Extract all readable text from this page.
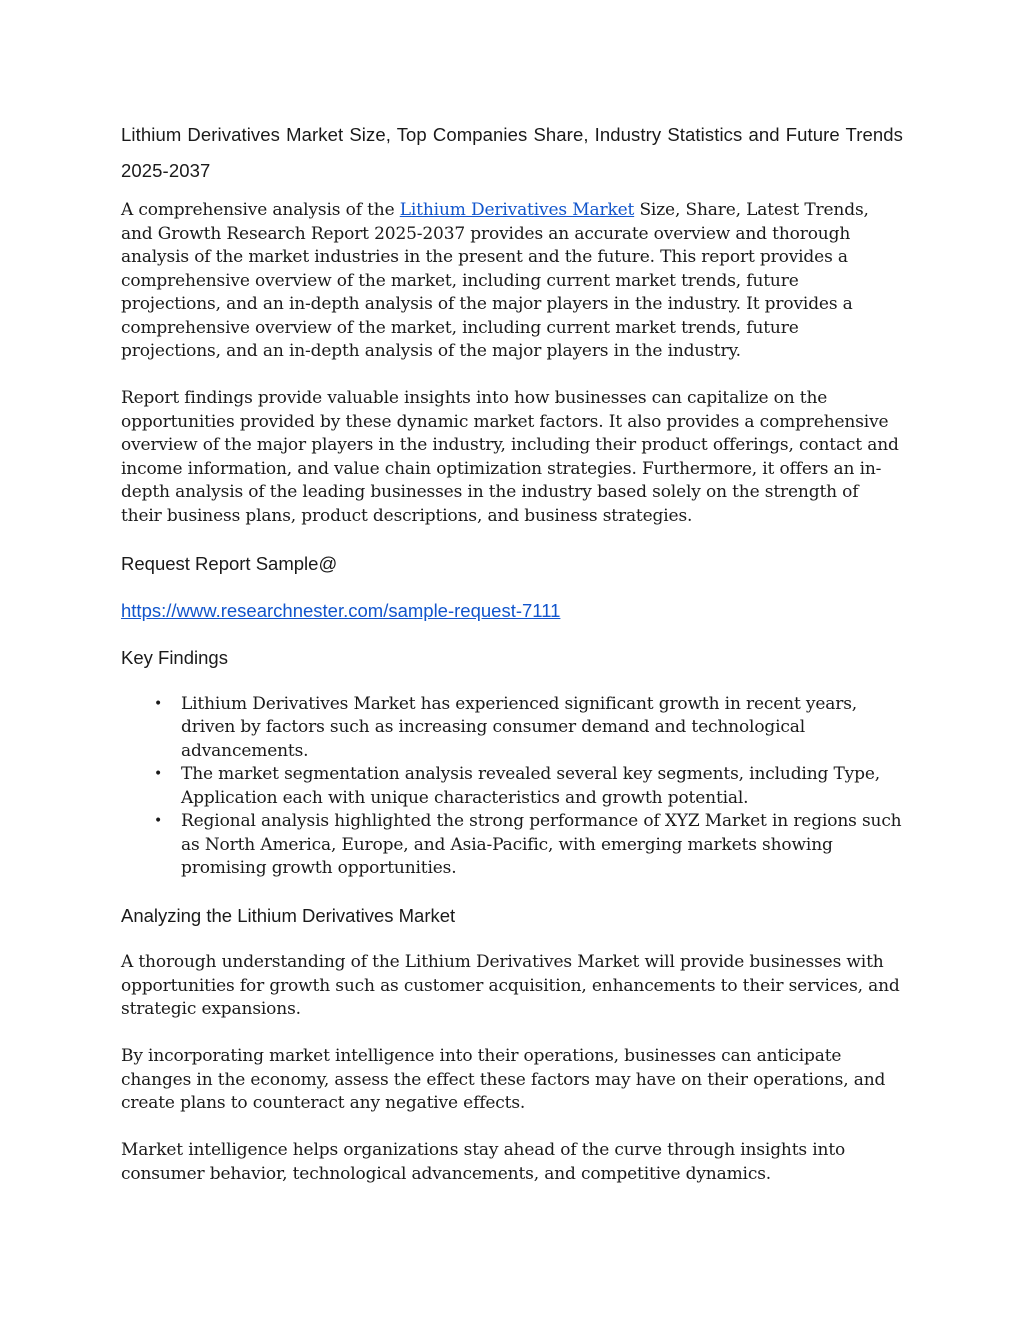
Lithium Derivatives Market Size, Top Companies Share, Industry Statistics and Future Trends 2025-2037

A comprehensive analysis of the Lithium Derivatives Market Size, Share, Latest Trends, and Growth Research Report 2025-2037 provides an accurate overview and thorough analysis of the market industries in the present and the future. This report provides a comprehensive overview of the market, including current market trends, future projections, and an in-depth analysis of the major players in the industry. It provides a comprehensive overview of the market, including current market trends, future projections, and an in-depth analysis of the major players in the industry.

Report findings provide valuable insights into how businesses can capitalize on the opportunities provided by these dynamic market factors. It also provides a comprehensive overview of the major players in the industry, including their product offerings, contact and income information, and value chain optimization strategies. Furthermore, it offers an in-depth analysis of the leading businesses in the industry based solely on the strength of their business plans, product descriptions, and business strategies.

Request Report Sample@
https://www.researchnester.com/sample-request-7111
Key Findings
• Lithium Derivatives Market has experienced significant growth in recent years, driven by factors such as increasing consumer demand and technological advancements.
• The market segmentation analysis revealed several key segments, including Type, Application each with unique characteristics and growth potential.
• Regional analysis highlighted the strong performance of XYZ Market in regions such as North America, Europe, and Asia-Pacific, with emerging markets showing promising growth opportunities.
Analyzing the Lithium Derivatives Market

A thorough understanding of the Lithium Derivatives Market will provide businesses with opportunities for growth such as customer acquisition, enhancements to their services, and strategic expansions.

By incorporating market intelligence into their operations, businesses can anticipate changes in the economy, assess the effect these factors may have on their operations, and create plans to counteract any negative effects.

Market intelligence helps organizations stay ahead of the curve through insights into consumer behavior, technological advancements, and competitive dynamics.
